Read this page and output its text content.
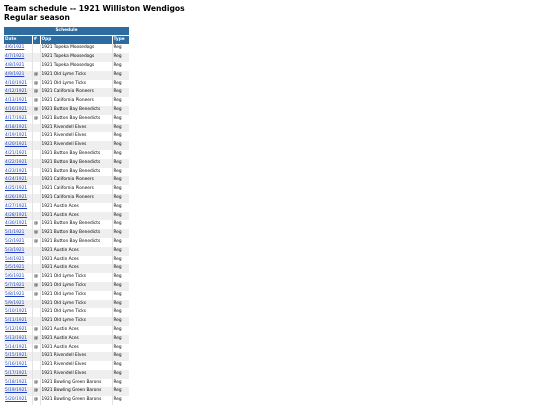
Team schedule -- 1921 Williston Wendigos
Regular season
Schedule			
Date	#	Opp	Type
4/6/1921		1921 Topeka Moosedogs	Reg
4/7/1921		1921 Topeka Moosedogs	Reg
4/8/1921		1921 Topeka Moosedogs	Reg
4/9/1921	@	1921 Old Lyme Ticks	Reg
4/10/1921	@	1921 Old Lyme Ticks	Reg
4/12/1921	@	1921 California Pioneers	Reg
4/13/1921	@	1921 California Pioneers	Reg
4/16/1921	@	1921 Button Bay Benedicts	Reg
4/17/1921	@	1921 Button Bay Benedicts	Reg
4/18/1921		1921 Rivendell Elves	Reg
4/19/1921		1921 Rivendell Elves	Reg
4/20/1921		1921 Rivendell Elves	Reg
4/21/1921		1921 Button Bay Benedicts	Reg
4/22/1921		1921 Button Bay Benedicts	Reg
4/23/1921		1921 Button Bay Benedicts	Reg
4/24/1921		1921 California Pioneers	Reg
4/25/1921		1921 California Pioneers	Reg
4/26/1921		1921 California Pioneers	Reg
4/27/1921		1921 Austin Aces	Reg
4/28/1921		1921 Austin Aces	Reg
4/30/1921	@	1921 Button Bay Benedicts	Reg
5/1/1921	@	1921 Button Bay Benedicts	Reg
5/2/1921	@	1921 Button Bay Benedicts	Reg
5/3/1921		1921 Austin Aces	Reg
5/4/1921		1921 Austin Aces	Reg
5/5/1921		1921 Austin Aces	Reg
5/6/1921	@	1921 Old Lyme Ticks	Reg
5/7/1921	@	1921 Old Lyme Ticks	Reg
5/8/1921	@	1921 Old Lyme Ticks	Reg
5/9/1921		1921 Old Lyme Ticks	Reg
5/10/1921		1921 Old Lyme Ticks	Reg
5/11/1921		1921 Old Lyme Ticks	Reg
5/12/1921	@	1921 Austin Aces	Reg
5/13/1921	@	1921 Austin Aces	Reg
5/14/1921	@	1921 Austin Aces	Reg
5/15/1921		1921 Rivendell Elves	Reg
5/16/1921		1921 Rivendell Elves	Reg
5/17/1921		1921 Rivendell Elves	Reg
5/18/1921	@	1921 Bowling Green Barons	Reg
5/19/1921	@	1921 Bowling Green Barons	Reg
5/20/1921	@	1921 Bowling Green Barons	Reg
